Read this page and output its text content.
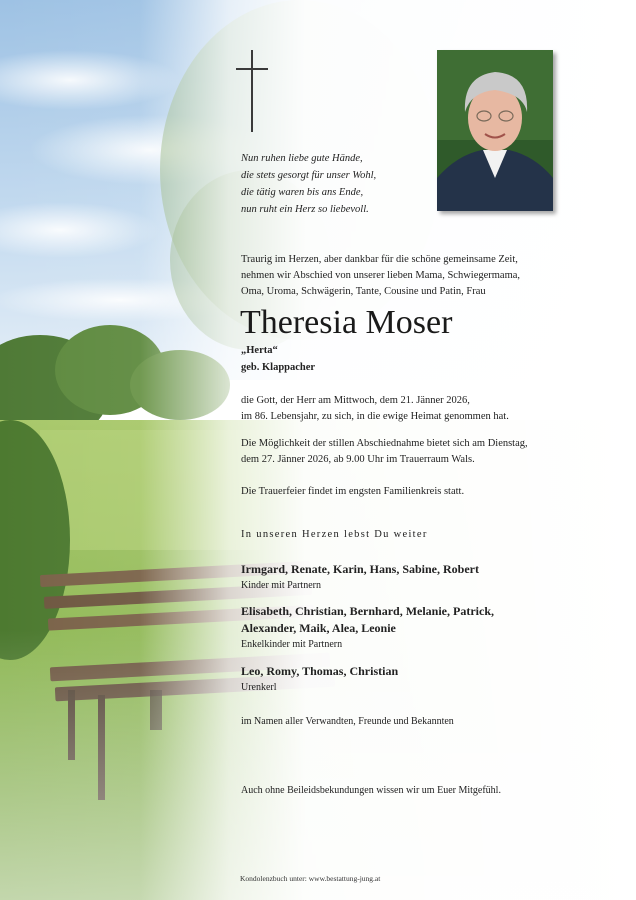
Nun ruhen liebe gute Hände,
die stets gesorgt für unser Wohl,
die tätig waren bis ans Ende,
nun ruht ein Herz so liebevoll.
Traurig im Herzen, aber dankbar für die schöne gemeinsame Zeit,
nehmen wir Abschied von unserer lieben Mama, Schwiegermama,
Oma, Uroma, Schwägerin, Tante, Cousine und Patin, Frau
Theresia Moser
„Herta“
geb. Klappacher
die Gott, der Herr am Mittwoch, dem 21. Jänner 2026,
im 86. Lebensjahr, zu sich, in die ewige Heimat genommen hat.
Die Möglichkeit der stillen Abschiednahme bietet sich am Dienstag,
dem 27. Jänner 2026, ab 9.00 Uhr im Trauerraum Wals.
Die Trauerfeier findet im engsten Familienkreis statt.
In unseren Herzen lebst Du weiter
Irmgard, Renate, Karin, Hans, Sabine, Robert
Kinder mit Partnern
Elisabeth, Christian, Bernhard, Melanie, Patrick,
Alexander, Maik, Alea, Leonie
Enkelkinder mit Partnern
Leo, Romy, Thomas, Christian
Urenkerl
im Namen aller Verwandten, Freunde und Bekannten
Auch ohne Beileidsbekundungen wissen wir um Euer Mitgefühl.
Kondolenzbuch unter: www.bestattung-jung.at
